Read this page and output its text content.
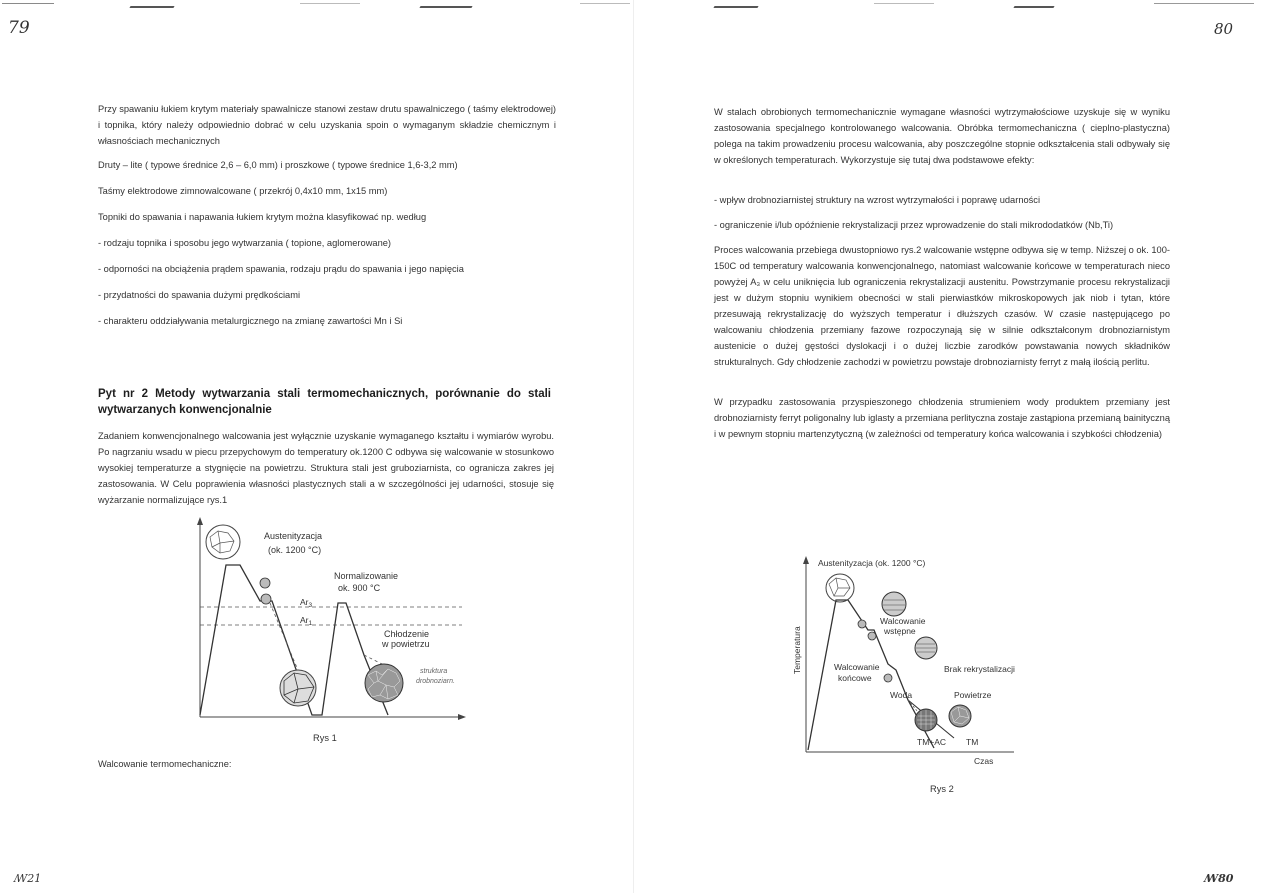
79
Przy spawaniu łukiem krytym materiały spawalnicze stanowi zestaw drutu spawalniczego ( taśmy elektrodowej) i topnika, który należy odpowiednio dobrać w celu uzyskania spoin o wymaganym składzie chemicznym i własnościach mechanicznych
Druty – lite ( typowe średnice 2,6 – 6,0 mm) i proszkowe ( typowe średnice 1,6-3,2 mm)
Taśmy elektrodowe zimnowalcowane ( przekrój 0,4x10 mm, 1x15 mm)
Topniki do spawania i napawania łukiem krytym można klasyfikować np. według
- rodzaju topnika i sposobu jego wytwarzania ( topione, aglomerowane)
- odporności na obciążenia prądem spawania, rodzaju prądu do spawania i jego napięcia
- przydatności do spawania dużymi prędkościami
- charakteru oddziaływania metalurgicznego na zmianę zawartości Mn i Si
Pyt nr 2 Metody wytwarzania stali termomechanicznych, porównanie do stali wytwarzanych konwencjonalnie
Zadaniem konwencjonalnego walcowania jest wyłącznie uzyskanie wymaganego kształtu i wymiarów wyrobu. Po nagrzaniu wsadu w piecu przepychowym do temperatury ok.1200 C odbywa się walcowanie w stosunkowo wysokiej temperaturze a stygnięcie na powietrzu. Struktura stali jest gruboziarnista, co ogranicza zakres jej zastosowania. W Celu poprawienia własności plastycznych stali a w szczególności jej udarności, stosuje się wyżarzanie normalizujące rys.1
Austenityzacja
(ok. 1200 °C)
Normalizowanie
ok. 900 °C
$Ar_3$
$Ar_1$
Chłodzenie
w powietrzu
struktura
drobnoziarn.
Rys 1
Walcowanie termomechaniczne:
ꟿ21
80
W stalach obrobionych termomechanicznie wymagane własności wytrzymałościowe uzyskuje się w wyniku zastosowania specjalnego kontrolowanego walcowania. Obróbka termomechaniczna ( cieplno-plastyczna) polega na takim prowadzeniu procesu walcowania, aby poszczególne stopnie odkształcenia stali odbywały się w określonych temperaturach. Wykorzystuje się tutaj dwa podstawowe efekty:
- wpływ drobnoziarnistej struktury na wzrost wytrzymałości i poprawę udarności
- ograniczenie i/lub opóźnienie rekrystalizacji przez wprowadzenie do stali mikrododatków (Nb,Ti)
Proces walcowania przebiega dwustopniowo rys.2 walcowanie wstępne odbywa się w temp. Niższej o ok. 100-150C od temperatury walcowania konwencjonalnego, natomiast walcowanie końcowe w temperaturach nieco powyżej A₃ w celu uniknięcia lub ograniczenia rekrystalizacji austenitu. Powstrzymanie procesu rekrystalizacji jest w dużym stopniu wynikiem obecności w stali pierwiastków mikroskopowych jak niob i tytan, które przesuwają rekrystalizację do wyższych temperatur i dłuższych czasów. W czasie następującego po walcowaniu chłodzenia przemiany fazowe rozpoczynają się w silnie odkształconym drobnoziarnistym austenicie o dużej gęstości dyslokacji i o dużej liczbie zarodków powstawania nowych składników strukturalnych. Gdy chłodzenie zachodzi w powietrzu powstaje drobnoziarnisty ferryt z małą ilością perlitu.
W przypadku zastosowania przyspieszonego chłodzenia strumieniem wody produktem przemiany jest drobnoziarnisty ferryt poligonalny lub iglasty a przemiana perlityczna zostaje zastąpiona przemianą bainityczną i w pewnym stopniu martenzytyczną (w zależności od temperatury końca walcowania i szybkości chłodzenia)
Temperatura
Austenityzacja (ok. 1200 °C)
Walcowanie
wstępne
Walcowanie
końcowe
Brak rekrystalizacji
Woda	Powietrze
TM+AC TM
Czas
Rys 2
ꟿ80
